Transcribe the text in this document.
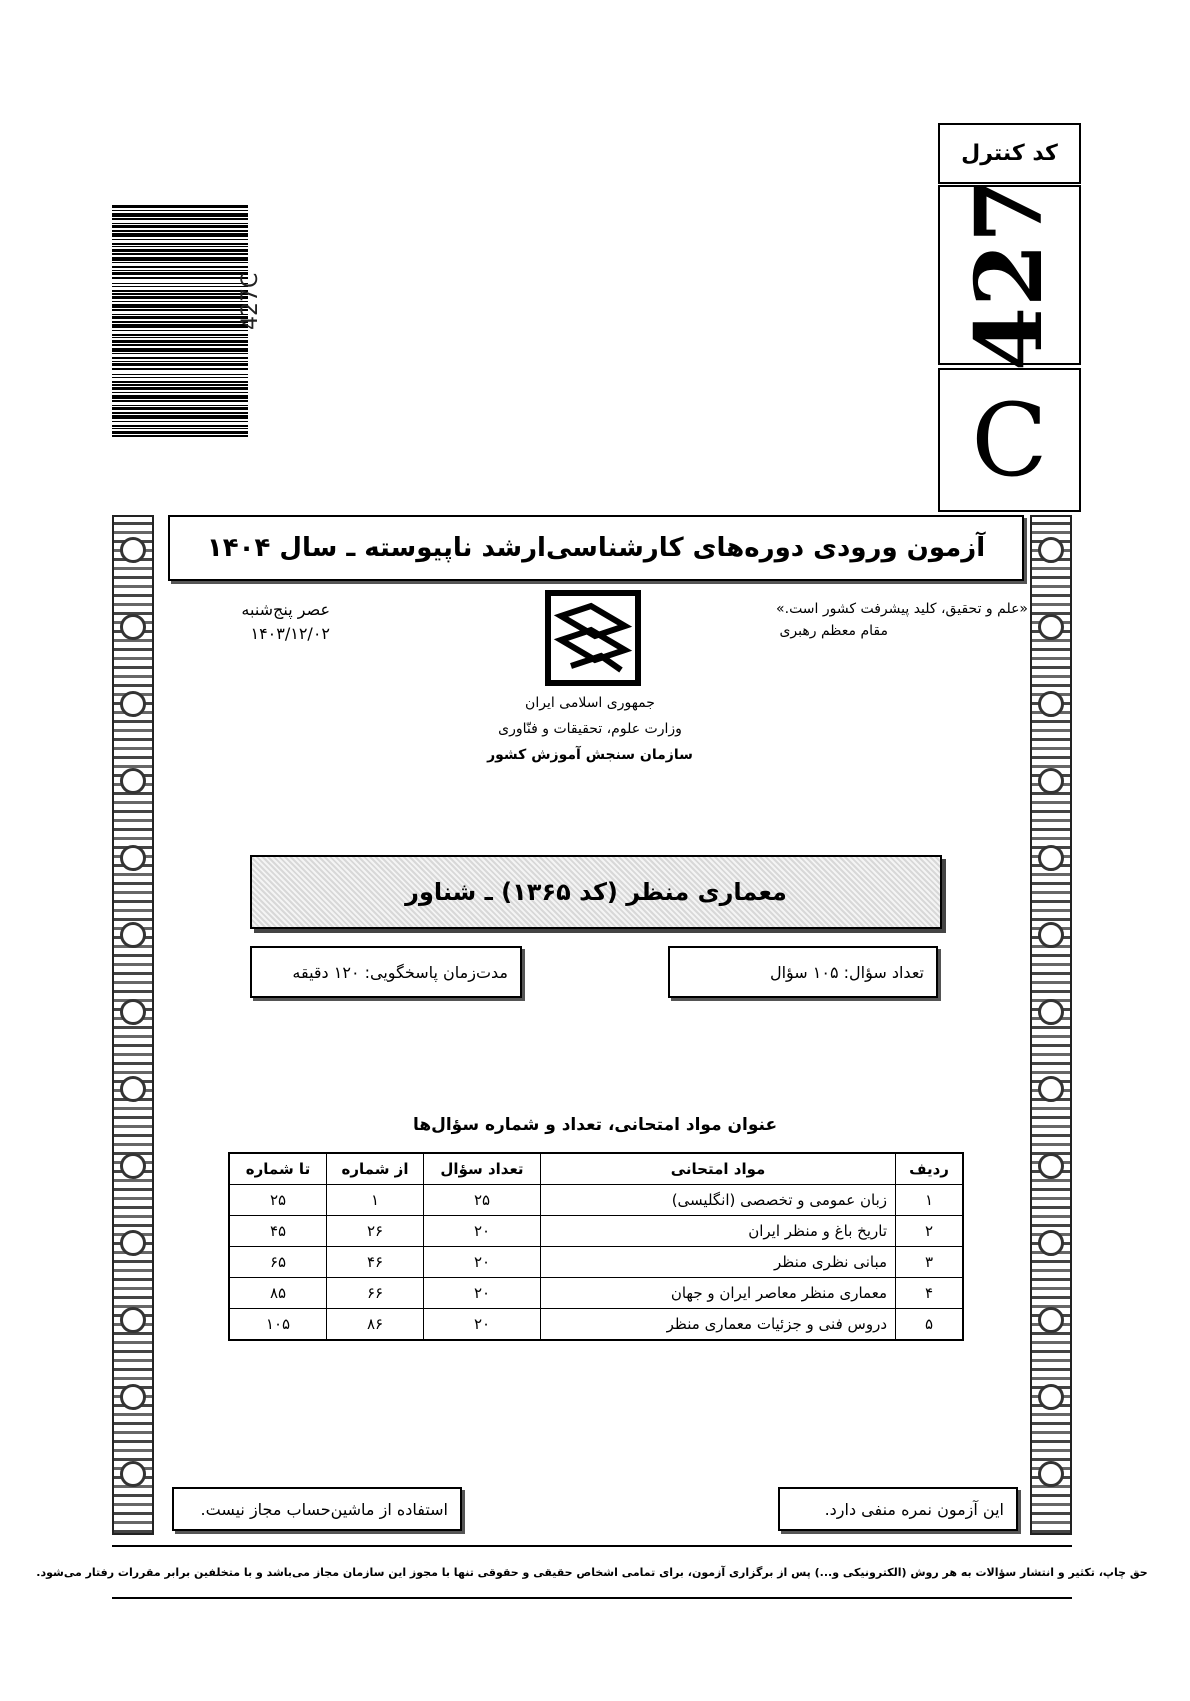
کد کنترل
427
C
427C
آزمون ورودی دوره‌های کارشناسی‌ارشد ناپیوسته ـ سال ۱۴۰۴
«علم و تحقیق، کلید پیشرفت کشور است.»
مقام معظم رهبری
عصر پنج‌شنبه
۱۴۰۳/۱۲/۰۲
جمهوری اسلامی ایران
وزارت علوم، تحقیقات و فنّاوری
سازمان سنجش آموزش کشور
معماری منظر (کد ۱۳۶۵) ـ شناور
مدت‌زمان پاسخگویی: ۱۲۰ دقیقه	تعداد سؤال: ۱۰۵ سؤال
عنوان مواد امتحانی، تعداد و شماره سؤال‌ها
ردیف	مواد امتحانی	تعداد سؤال	از شماره	تا شماره
۱	زبان عمومی و تخصصی (انگلیسی)	۲۵	۱	۲۵
۲	تاریخ باغ و منظر ایران	۲۰	۲۶	۴۵
۳	مبانی نظری منظر	۲۰	۴۶	۶۵
۴	معماری منظر معاصر ایران و جهان	۲۰	۶۶	۸۵
۵	دروس فنی و جزئیات معماری منظر	۲۰	۸۶	۱۰۵
استفاده از ماشین‌حساب مجاز نیست.	این آزمون نمره منفی دارد.
حق چاپ، تکثیر و انتشار سؤالات به هر روش (الکترونیکی و...) پس از برگزاری آزمون، برای تمامی اشخاص حقیقی و حقوقی تنها با مجوز این سازمان مجاز می‌باشد و با متخلفین برابر مقررات رفتار می‌شود.
